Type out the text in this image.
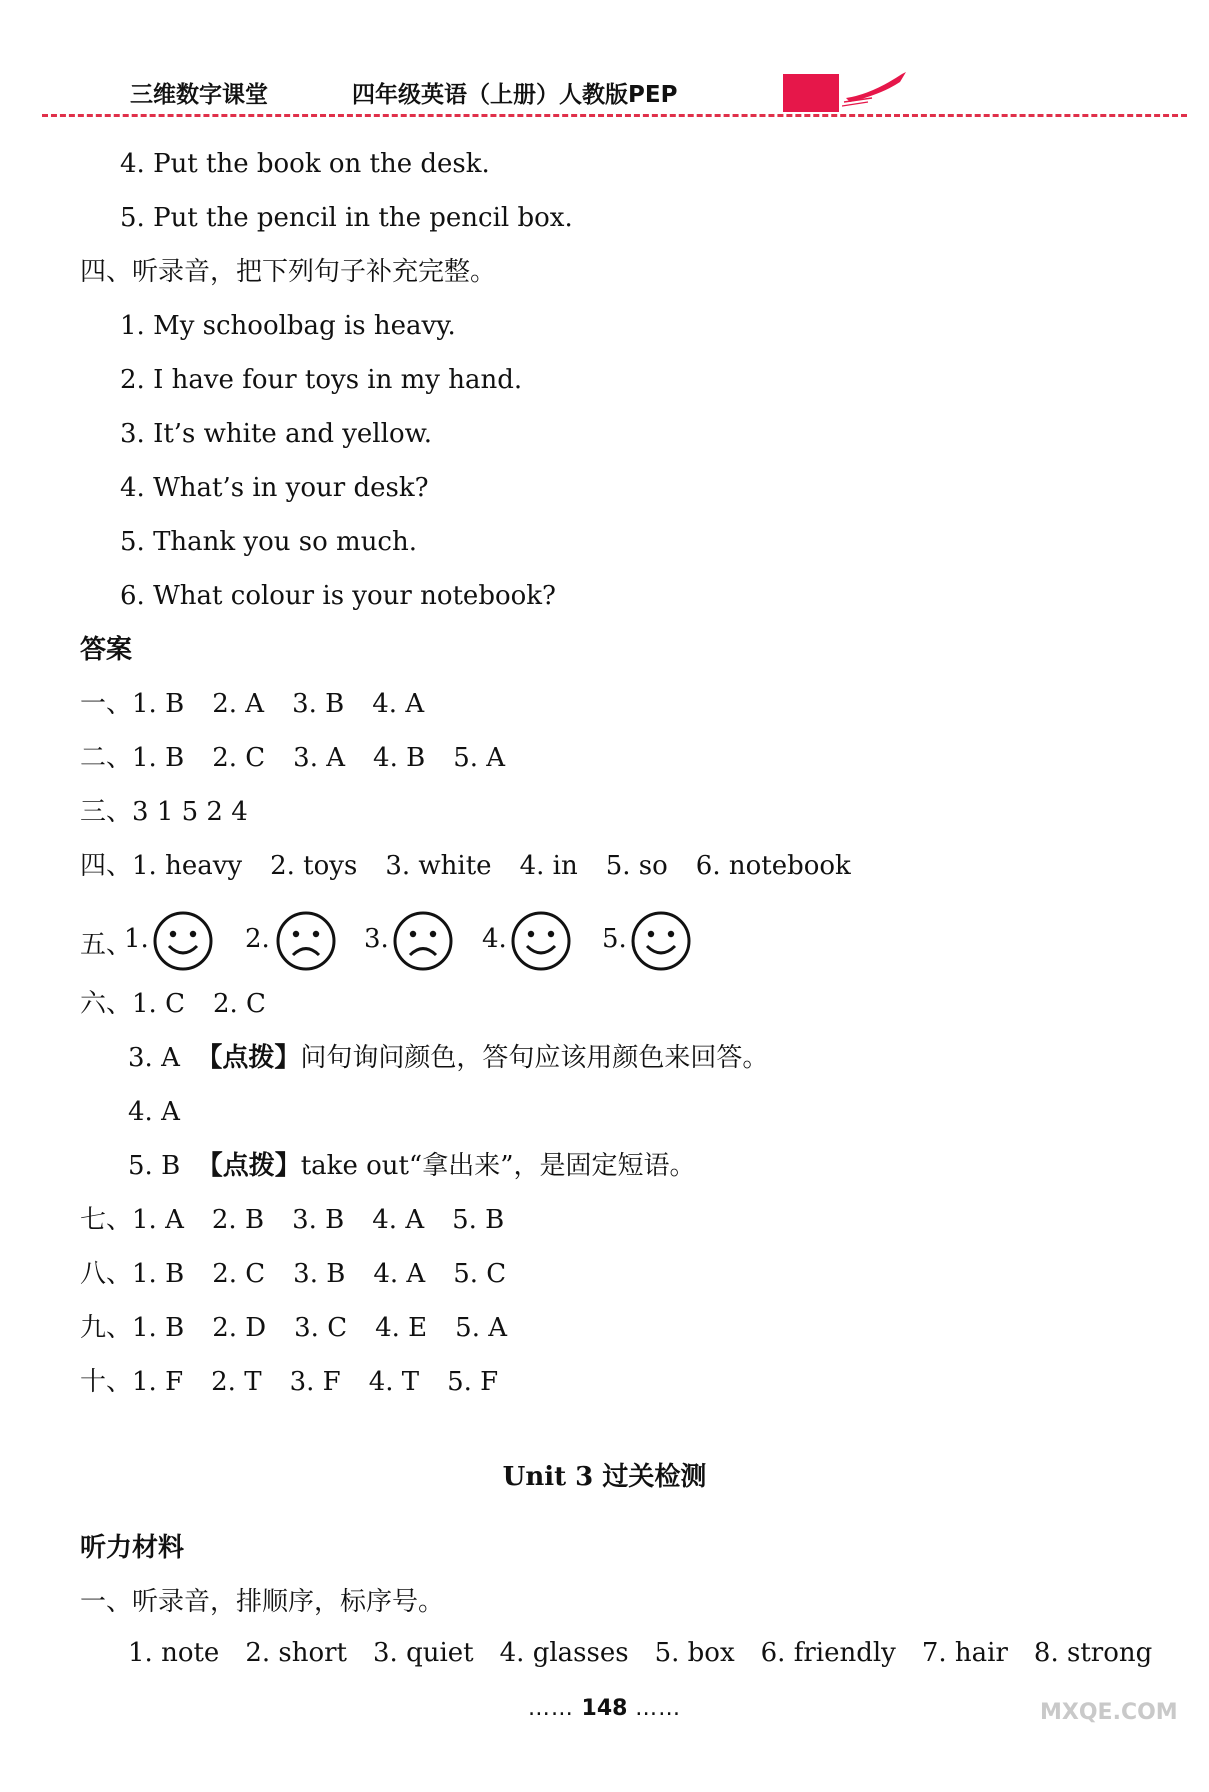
三维数字课堂	四年级英语（上册）人教版PEP
4. Put the book on the desk.
5. Put the pencil in the pencil box.
四、听录音，把下列句子补充完整。
1. My schoolbag is heavy.
2. I have four toys in my hand.
3. It’s white and yellow.
4. What’s in your desk?
5. Thank you so much.
6. What colour is your notebook?
答案
一、1. B 2. A 3. B 4. A
二、1. B 2. C 3. A 4. B 5. A
三、3 1 5 2 4
四、1. heavy 2. toys 3. white 4. in 5. so 6. notebook
五、
1.	2.	3.	4.	5.
六、1. C 2. C
3. A 【点拨】问句询问颜色，答句应该用颜色来回答。
4. A
5. B 【点拨】take out“拿出来”，是固定短语。
七、1. A 2. B 3. B 4. A 5. B
八、1. B 2. C 3. B 4. A 5. C
九、1. B 2. D 3. C 4. E 5. A
十、1. F 2. T 3. F 4. T 5. F
Unit 3 过关检测
听力材料
一、听录音，排顺序，标序号。
1. note 2. short 3. quiet 4. glasses 5. box 6. friendly 7. hair 8. strong
…… 148 ……	MXQE.COM
